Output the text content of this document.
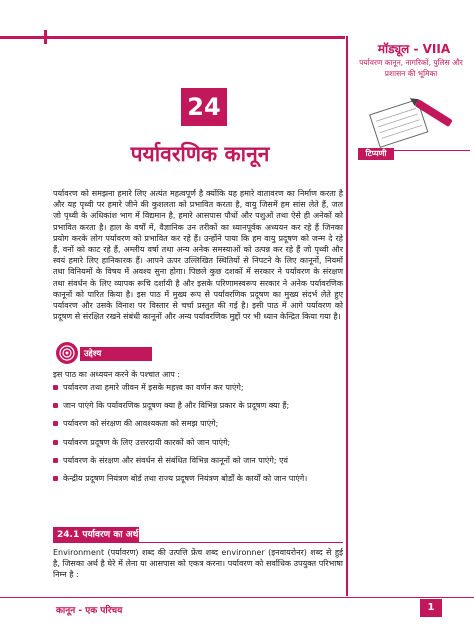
मॉड्यूल - VIIA
पर्यावरण कानून, नागरिकों, पुलिस और प्रशासन की भूमिका
टिप्पणी
24
पर्यावरणिक कानून
पर्यावरण को समझना हमारे लिए अत्यंत महत्वपूर्ण है क्योंकि यह हमारे वातावरण का निर्माण करता है और यह पृथ्वी पर हमारे जीने की कुशलता को प्रभावित करता है, वायु जिसमें हम सांस लेते हैं, जल जो पृथ्वी के अधिकांश भाग में विद्यमान है, हमारे आसपास पौधों और पशुओं तथा ऐसे ही अनेकों को प्रभावित करता है। हाल के वर्षों में, वैज्ञानिक उन तरीकों का ध्यानपूर्वक अध्ययन कर रहे हैं जिनका प्रयोग करके लोग पर्यावरण को प्रभावित कर रहे हैं। उन्होंने पाया कि हम वायु प्रदूषण को जन्म दे रहे हैं, वनों को काट रहे हैं, अम्लीय वर्षा तथा अन्य अनेक समस्याओं को उत्पन्न कर रहे हैं जो पृथ्वी और स्वयं हमारे लिए हानिकारक हैं। आपने ऊपर उल्लिखित स्थितियों से निपटने के लिए कानूनों, नियमों तथा विनियमों के विषय में अवश्य सुना होगा। पिछले कुछ दशकों में सरकार ने पर्यावरण के संरक्षण तथा संवर्धन के लिए व्यापक रूचि दर्शायी है और इसके परिणामस्वरूप सरकार ने अनेक पर्यावरणिक कानूनों को पारित किया है। इस पाठ में मुख्य रूप से पर्यावरणिक प्रदूषण का मुख्य संदर्भ लेते हुए पर्यावरण और उसके विनाश पर विस्तार से चर्चा प्रस्तुत की गई है। इसी पाठ में आगे पर्यावरण को प्रदूषण से संरक्षित रखने संबंधी कानूनों और अन्य पर्यावरणिक मुद्दों पर भी ध्यान केन्द्रित किया गया है।
उद्देश्य
इस पाठ का अध्ययन करने के पश्चात आप :
पर्यावरण तथा हमारे जीवन में इसके महत्त्व का वर्णन कर पाएंगे;
जान पाएंगे कि पर्यावरणिक प्रदूषण क्या है और विभिन्न प्रकार के प्रदूषण क्या हैं;
पर्यावरण को संरक्षण की आवश्यकता को समझ पाएंगे;
पर्यावरण प्रदूषण के लिए उत्तरदायी कारकों को जान पाएंगे;
पर्यावरण के संरक्षण और संवर्धन से संबंधित विभिन्न कानूनों को जान पाएंगे; एवं
केन्द्रीय प्रदूषण नियंत्रण बोर्ड तथा राज्य प्रदूषण नियंत्रण बोर्डों के कार्यों को जान पाएंगे।
24.1 पर्यावरण का अर्थ
Environment (पर्यावरण) शब्द की उत्पत्ति फ्रेंच शब्द environner (इनवायरोनर) शब्द से हुई है, जिसका अर्थ है घेरे में लेना या आसपास को एकत्र करना। पर्यावरण को सर्वाधिक उपयुक्त परिभाषा निम्न है :
कानून - एक परिचय	1
